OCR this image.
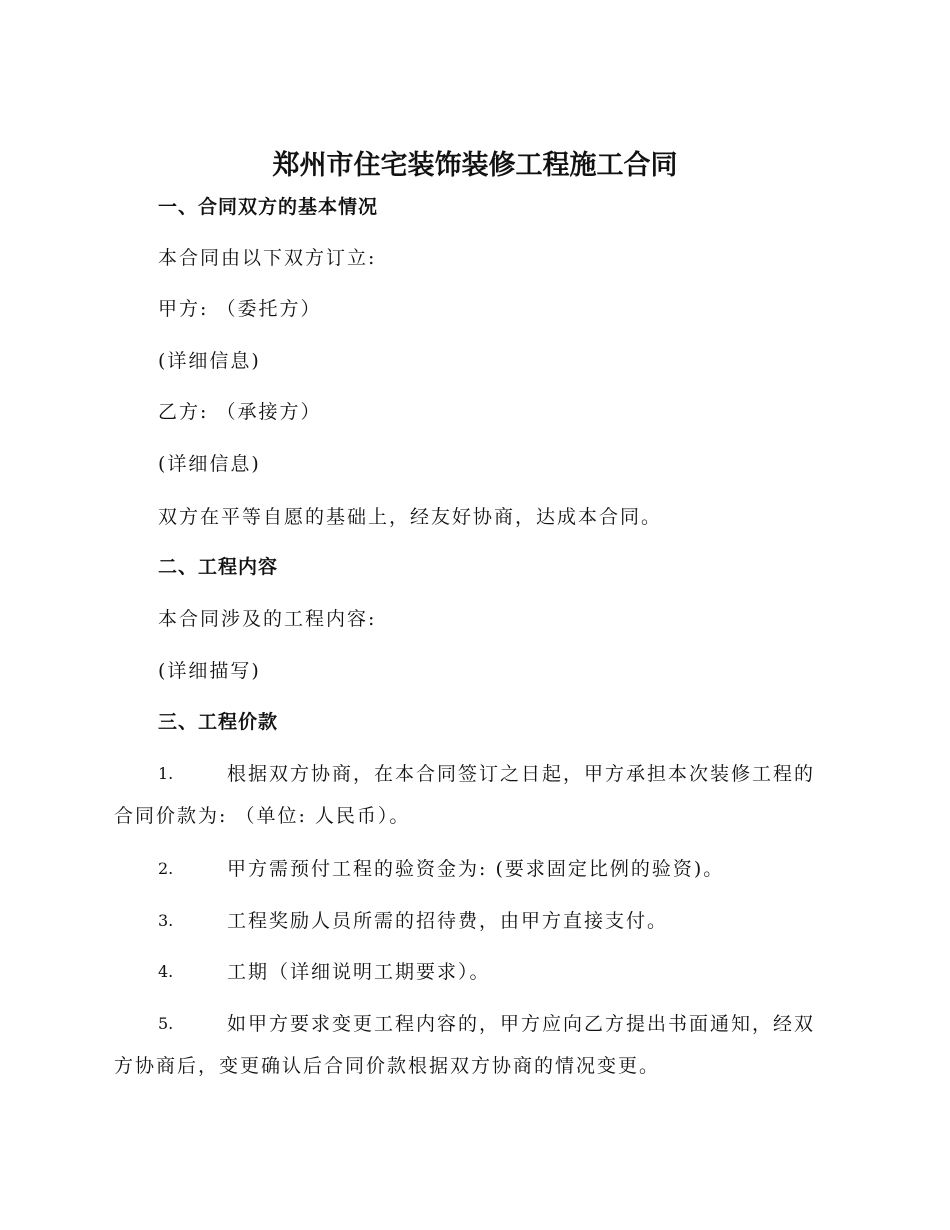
郑州市住宅装饰装修工程施工合同
一、合同双方的基本情况
本合同由以下双方订立:
甲方: （委托方）
(详细信息)
乙方: （承接方）
(详细信息)
双方在平等自愿的基础上，经友好协商，达成本合同。
二、工程内容
本合同涉及的工程内容:
(详细描写)
三、工程价款
1.	根据双方协商，在本合同签订之日起，甲方承担本次装修工程的
合同价款为: （单位: 人民币）。
2.	甲方需预付工程的验资金为: (要求固定比例的验资)。
3.	工程奖励人员所需的招待费，由甲方直接支付。
4.	工期（详细说明工期要求）。
5.	如甲方要求变更工程内容的，甲方应向乙方提出书面通知，经双
方协商后，变更确认后合同价款根据双方协商的情况变更。
